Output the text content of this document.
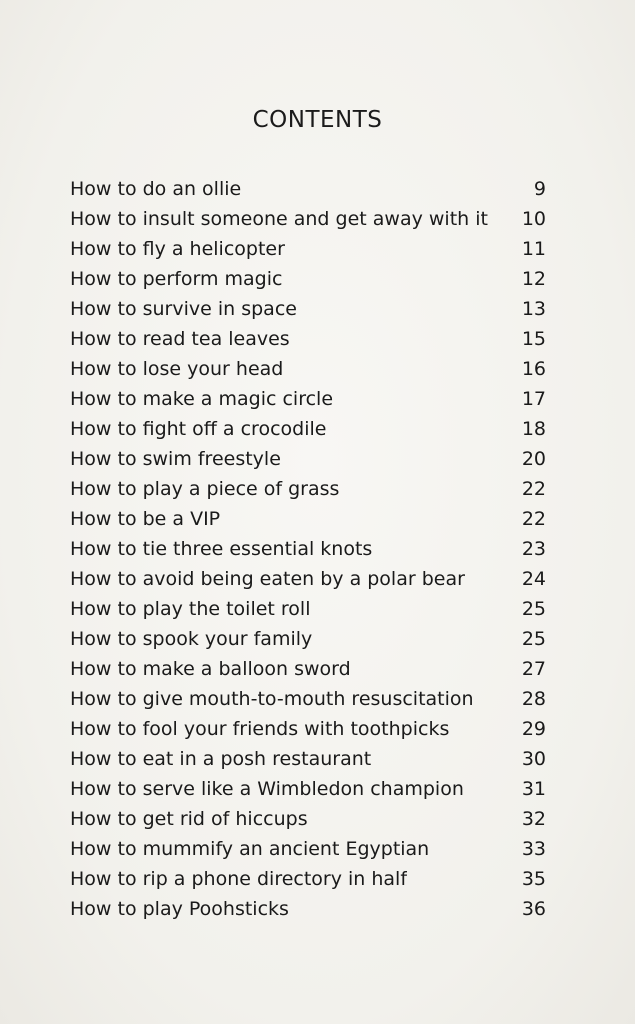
CONTENTS
How to do an ollie	9
How to insult someone and get away with it	10
How to fly a helicopter	11
How to perform magic	12
How to survive in space	13
How to read tea leaves	15
How to lose your head	16
How to make a magic circle	17
How to fight off a crocodile	18
How to swim freestyle	20
How to play a piece of grass	22
How to be a VIP	22
How to tie three essential knots	23
How to avoid being eaten by a polar bear	24
How to play the toilet roll	25
How to spook your family	25
How to make a balloon sword	27
How to give mouth-to-mouth resuscitation	28
How to fool your friends with toothpicks	29
How to eat in a posh restaurant	30
How to serve like a Wimbledon champion	31
How to get rid of hiccups	32
How to mummify an ancient Egyptian	33
How to rip a phone directory in half	35
How to play Poohsticks	36
